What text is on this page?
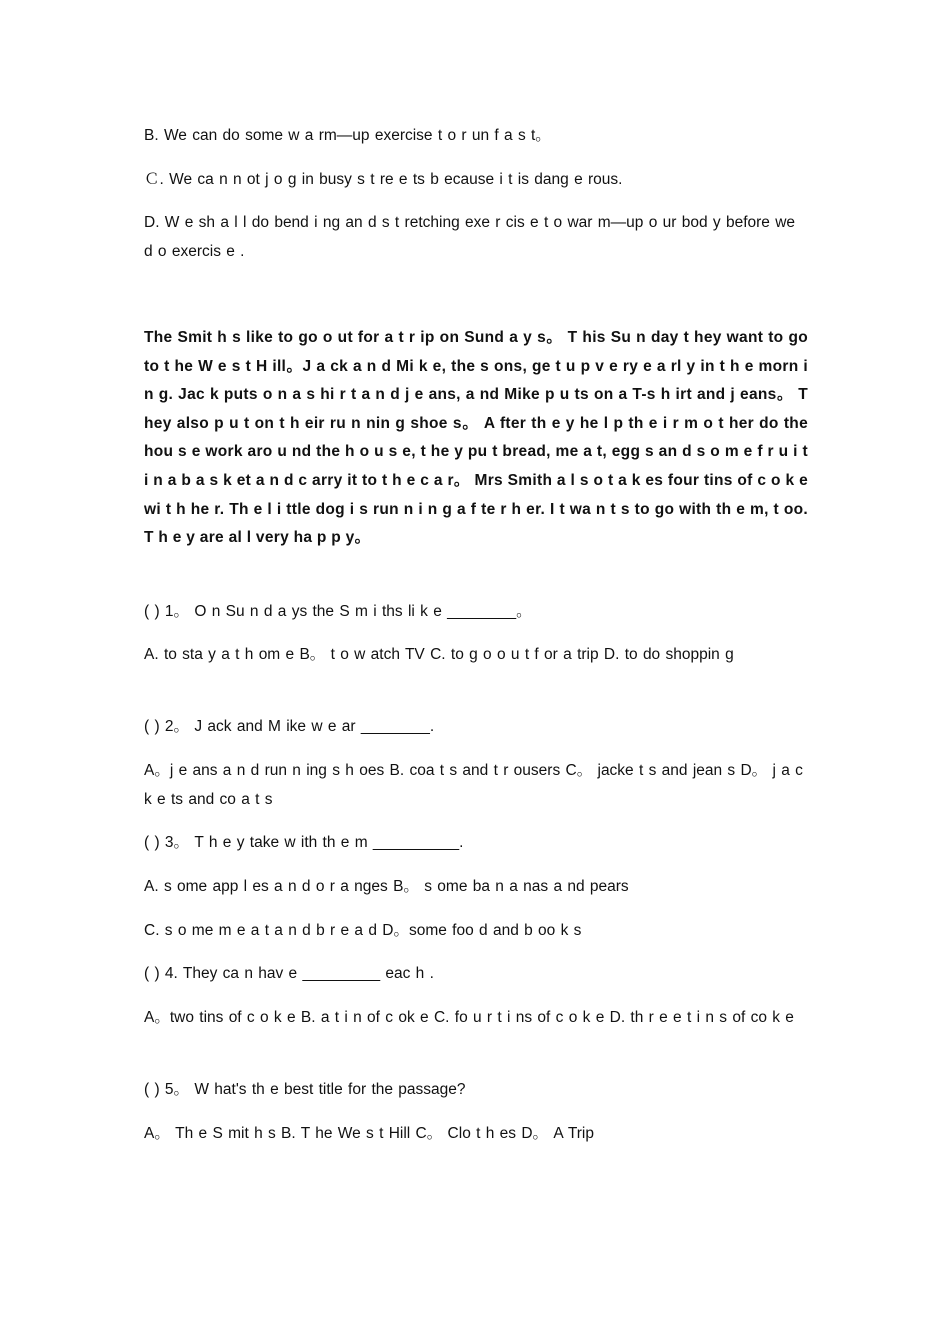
B. We can do some w a rm—up exercise t o r un f a s t。

Ｃ. We ca n n ot j o g in busy s t re e ts b ecause i t is dang e rous.

D. W e sh a l l do bend i ng an d s t retching exe r cis e t o war m—up o ur bod y before we d o exercis e .

The Smit h s like to go o ut for a t r ip on Sund a y s。 T his Su n day t hey want to go to t he W e s t H ill。J a ck a n d Mi k e, the s ons, ge t u p v e ry e a rl y in t h e morn i n g. Jac k puts o n a s hi r t a n d j e ans, a nd Mike p u ts on a T-s h irt and j eans。 T hey also p u t on t h eir ru n nin g shoe s。 A fter th e y he l p th e i r m o t her do the hou s e work aro u nd the h o u s e, t he y pu t bread, me a t, egg s an d s o m e f r u i t i n a b a s k et a n d c arry it to t h e c a r。 Mrs Smith a l s o t a k es four tins of c o k e wi t h he r. Th e l i ttle dog i s run n i n g a f te r h er. I t wa n t s to go with th e m, t oo. T h e y are al l very ha p p y。

( ) 1。 O n Su n d a ys the S m i ths li k e ________。

A. to sta y a t h om e B。 t o w atch TV C. to g o o u t f or a trip D. to do shoppin g

( ) 2。 J ack and M ike w e ar ________.

A。j e ans a n d run n ing s h oes B. coa t s and t r ousers C。 jacke t s and jean s D。 j a c k e ts and co a t s

( ) 3。 T h e y take w ith th e m __________.

A. s ome app l es a n d o r a nges B。 s ome ba n a nas a nd pears

C. s o me m e a t a n d b r e a d D。some foo d and b oo k s

( ) 4. They ca n hav e _________ eac h .

A。two tins of c o k e B. a t i n of c ok e C. fo u r t i ns of c o k e D. th r e e t i n s of co k e

( ) 5。 W hat's th e best title for the passage?

A。 Th e S mit h s B. T he We s t Hill C。 Clo t h es D。 A Trip
